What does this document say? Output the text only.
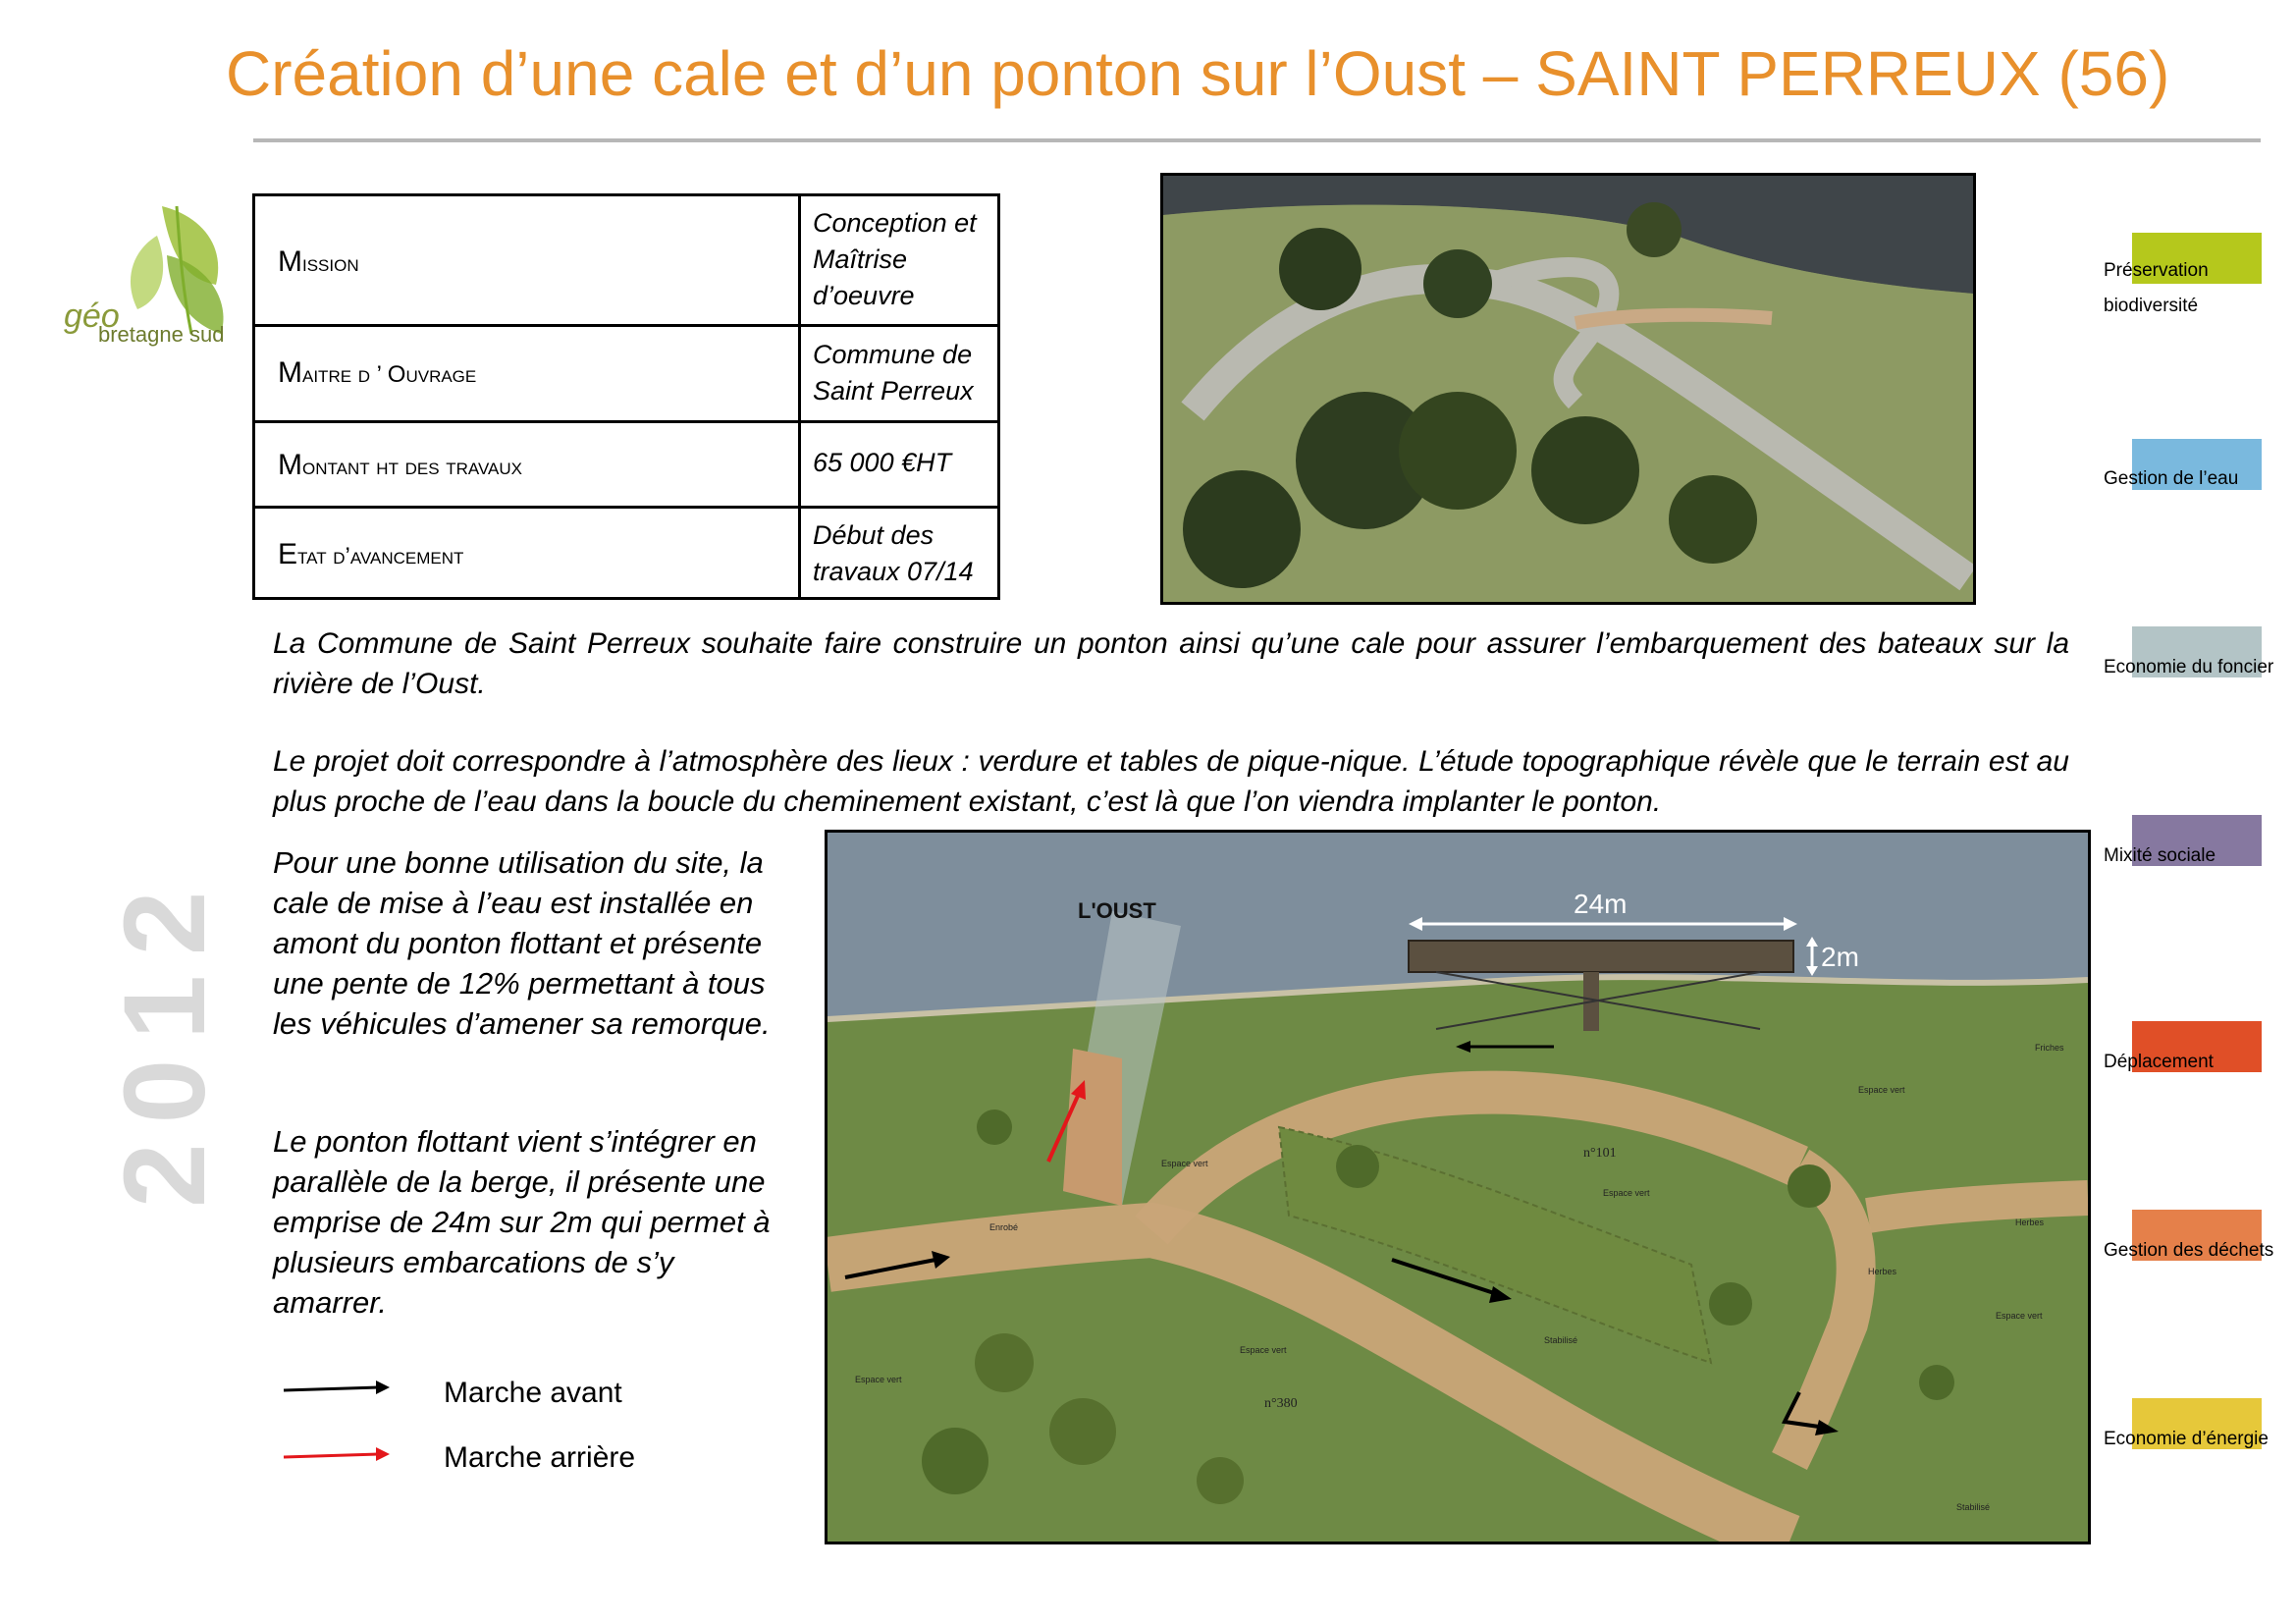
Création d’une cale et d’un ponton sur l’Oust – SAINT PERREUX (56)
géo
bretagne sud
2012
Mission
Conception et Maîtrise d’oeuvre
Maitre d ’ Ouvrage
Commune de Saint Perreux
Montant ht des travaux	65 000 €HT
Etat d’avancement
Début des travaux 07/14
La Commune de Saint Perreux souhaite faire construire un ponton ainsi qu’une cale pour assurer l’embarquement des bateaux sur la rivière de l’Oust.
Le projet doit correspondre à l’atmosphère des lieux : verdure et tables de pique-nique. L’étude topographique révèle que le terrain est au plus proche de l’eau dans la boucle du cheminement existant, c’est là que l’on viendra implanter le ponton.
Pour une bonne utilisation du site, la cale de mise à l’eau est installée en amont du ponton flottant et présente une pente de 12% permettant à tous les véhicules d’amener sa remorque.
Le ponton flottant vient s’intégrer en parallèle de la berge, il présente une emprise de 24m sur 2m qui permet à plusieurs embarcations de s’y amarrer.
Marche avant
Marche arrière
L'OUST	24m
2m
n°101
n°380
Espace vert
Espace vert
Espace vert
Espace vert
Espace vert
Espace vert
Herbes
Friches
Enrobé
Stabilisé
Stabilisé
Herbes
Préservation biodiversité
Gestion de l’eau
Economie du foncier
Mixité sociale
Déplacement
Gestion des déchets
Economie d’énergie
